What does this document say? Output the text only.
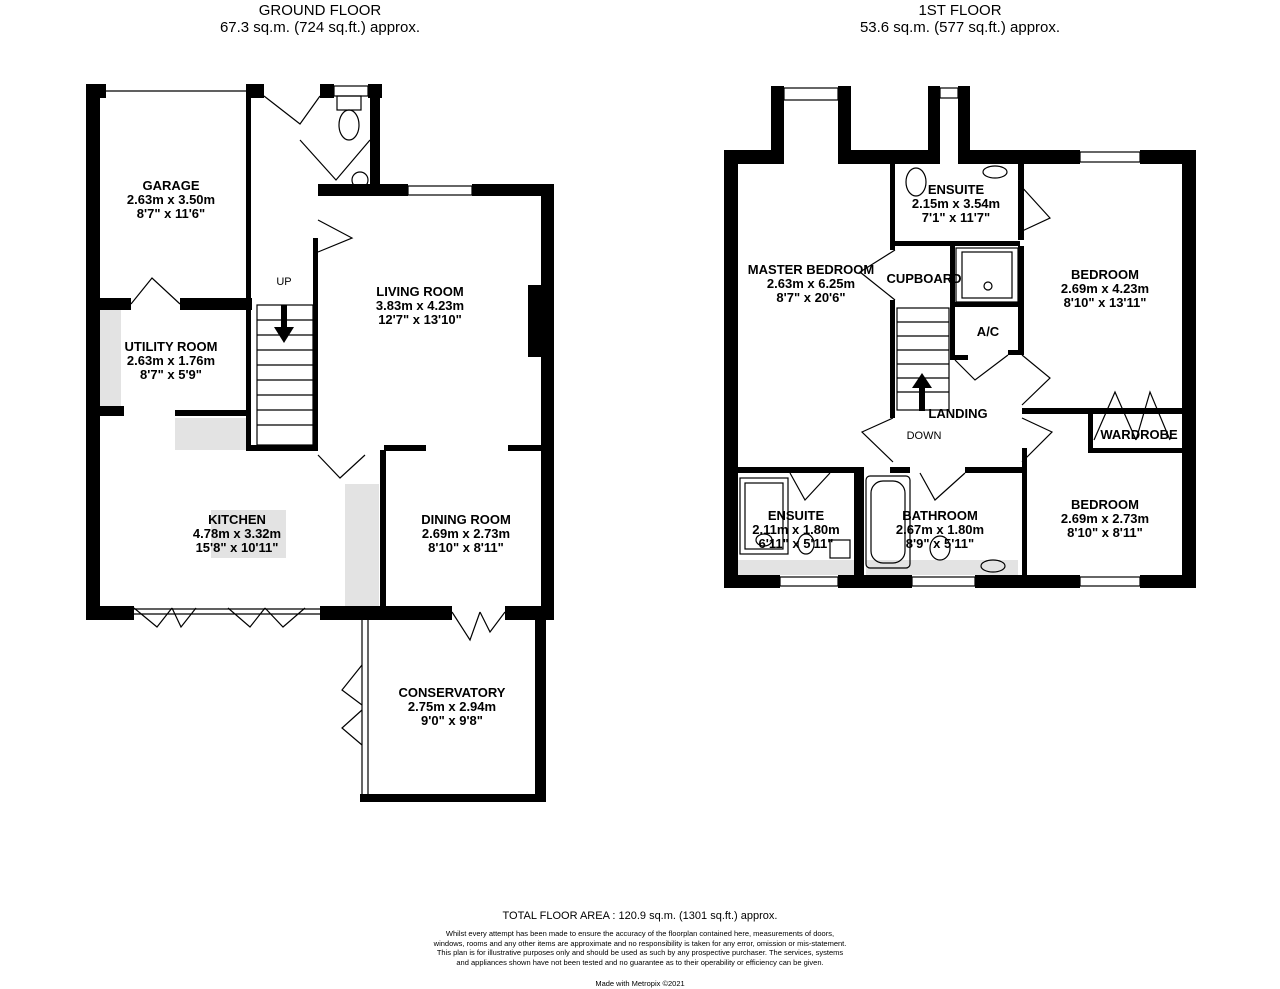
GROUND FLOOR
67.3 sq.m. (724 sq.ft.) approx.
1ST FLOOR
53.6 sq.m. (577 sq.ft.) approx.
GARAGE
2.63m x 3.50m
8'7" x 11'6"
UTILITY ROOM
2.63m x 1.76m
8'7" x 5'9"
LIVING ROOM
3.83m x 4.23m
12'7" x 13'10"
KITCHEN
4.78m x 3.32m
15'8" x 10'11"
DINING ROOM
2.69m x 2.73m
8'10" x 8'11"
CONSERVATORY
2.75m x 2.94m
9'0" x 9'8"
UP
MASTER BEDROOM
2.63m x 6.25m
8'7" x 20'6"
ENSUITE
2.15m x 3.54m
7'1" x 11'7"
BEDROOM
2.69m x 4.23m
8'10" x 13'11"
ENSUITE
2.11m x 1.80m
6'11" x 5'11"
BATHROOM
2.67m x 1.80m
8'9" x 5'11"
BEDROOM
2.69m x 2.73m
8'10" x 8'11"
CUPBOARD
A/C
LANDING
DOWN	WARDROBE
TOTAL FLOOR AREA : 120.9 sq.m. (1301 sq.ft.) approx.
Whilst every attempt has been made to ensure the accuracy of the floorplan contained here, measurements of doors, windows, rooms and any other items are approximate and no responsibility is taken for any error, omission or mis-statement. This plan is for illustrative purposes only and should be used as such by any prospective purchaser. The services, systems and appliances shown have not been tested and no guarantee as to their operability or efficiency can be given.
Made with Metropix ©2021
